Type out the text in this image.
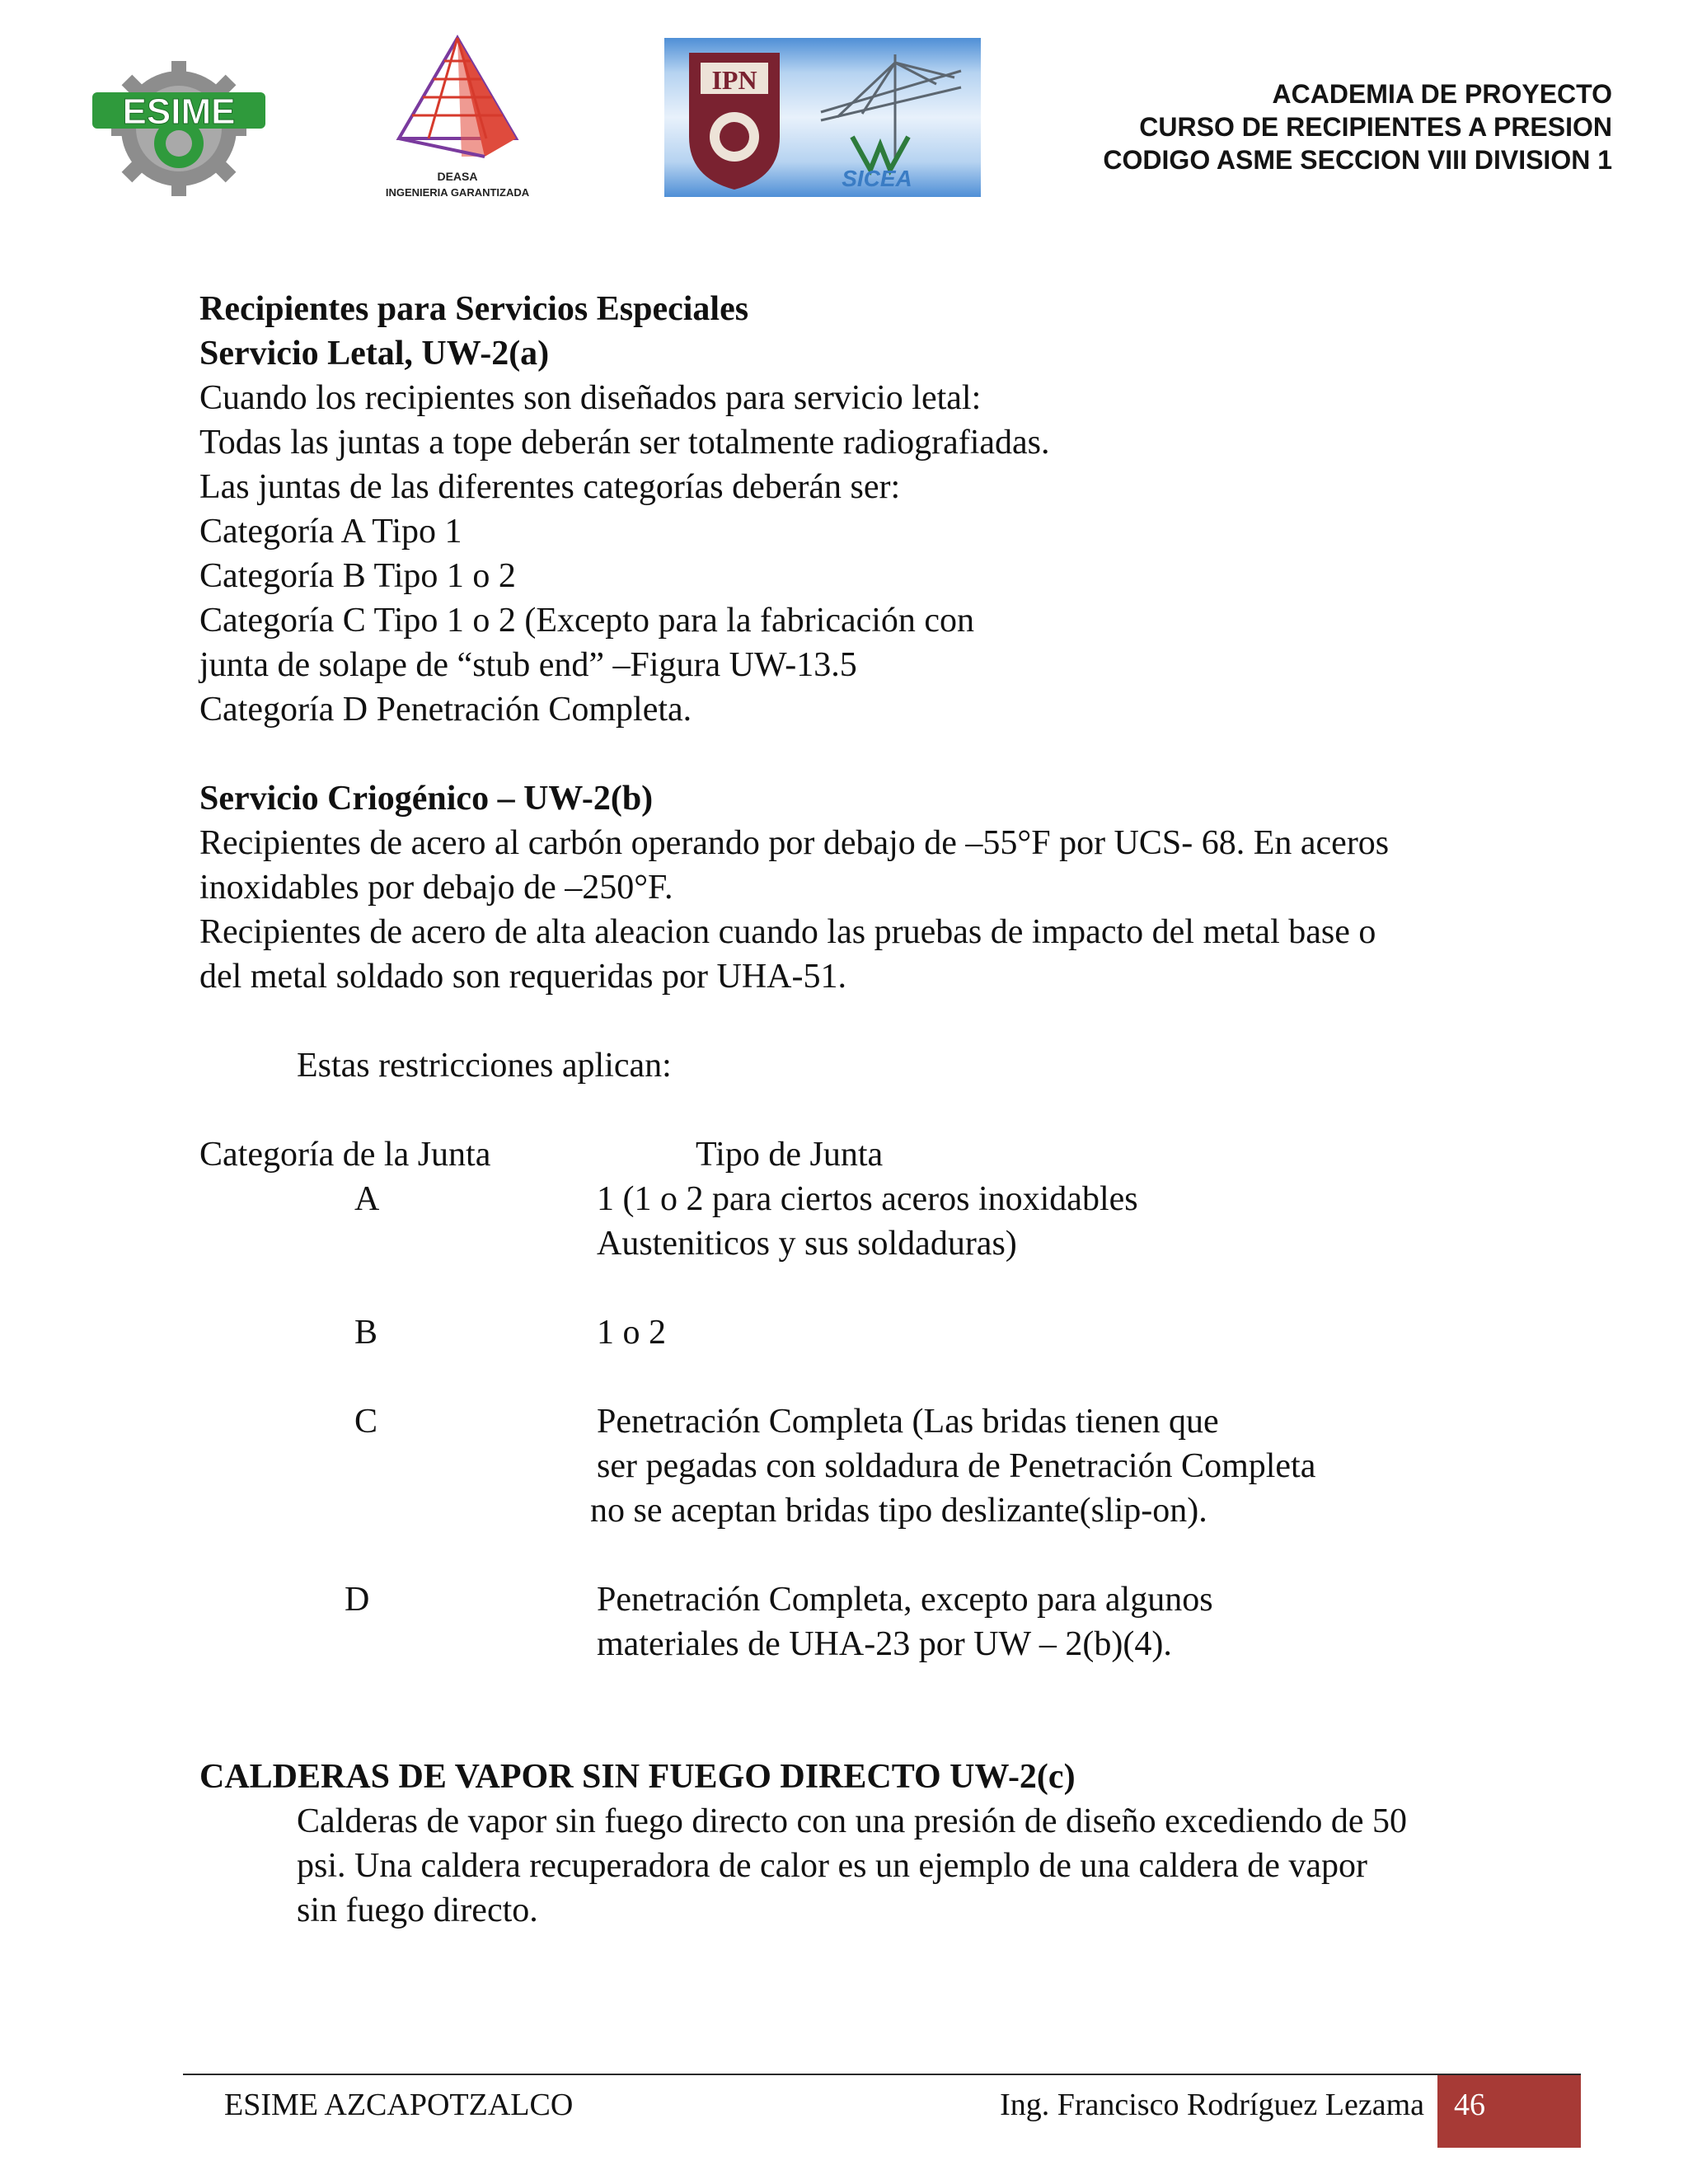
ESIME
DEASA
INGENIERIA GARANTIZADA
IPN
SICEA
ACADEMIA DE PROYECTO
CURSO DE RECIPIENTES A PRESION
CODIGO ASME SECCION VIII DIVISION 1
Recipientes para Servicios Especiales
Servicio Letal, UW-2(a)
Cuando los recipientes son diseñados para servicio letal:
Todas las juntas a tope deberán ser totalmente radiografiadas.
Las juntas de las diferentes categorías deberán ser:
Categoría A Tipo 1
Categoría B Tipo 1 o 2
Categoría C Tipo 1 o 2 (Excepto para la fabricación con
junta de solape de “stub end” –Figura UW-13.5
Categoría D Penetración Completa.
Servicio Criogénico – UW-2(b)
Recipientes de acero al carbón operando por debajo de –55°F por UCS- 68. En aceros
inoxidables por debajo de –250°F.
Recipientes de acero de alta aleacion cuando las pruebas de impacto del metal base o
del metal soldado son requeridas por UHA-51.
Estas restricciones aplican:
Categoría de la Junta	Tipo de Junta
A	1 (1 o 2 para ciertos aceros inoxidables
Austeniticos y sus soldaduras)
B	1 o 2
C	Penetración Completa (Las bridas tienen que
ser pegadas con soldadura de Penetración Completa
no se aceptan bridas tipo deslizante(slip-on).
D	Penetración Completa, excepto para algunos
materiales de UHA-23 por UW – 2(b)(4).
CALDERAS DE VAPOR SIN FUEGO DIRECTO UW-2(c)
Calderas de vapor sin fuego directo con una presión de diseño excediendo de 50
psi. Una caldera recuperadora de calor es un ejemplo de una caldera de vapor
sin fuego directo.
ESIME AZCAPOTZALCO	Ing. Francisco Rodríguez Lezama 46
